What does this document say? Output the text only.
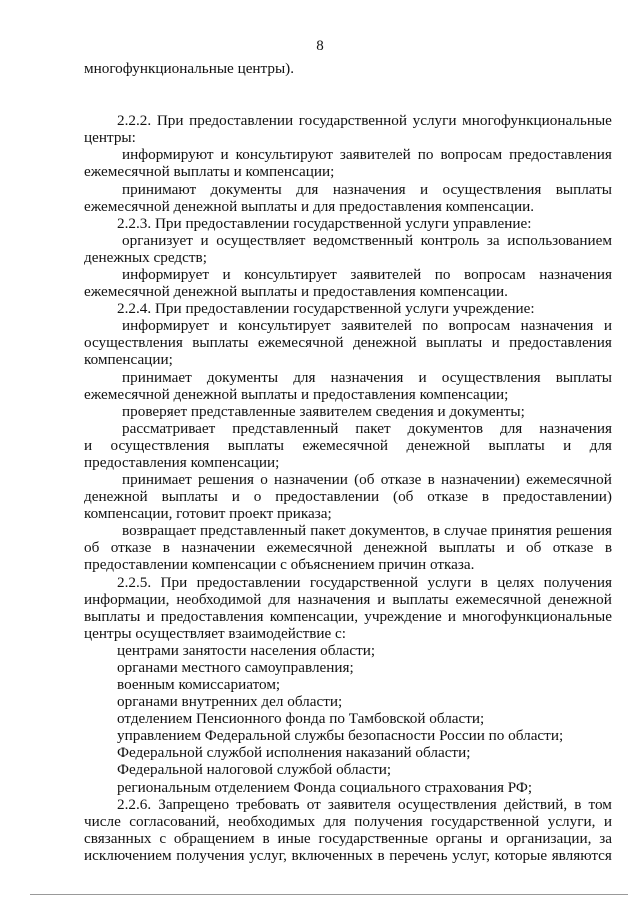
8
многофункциональные центры).
2.2.2. При предоставлении государственной услуги многофункциональные
центры:
информируют и консультируют заявителей по вопросам предоставления
ежемесячной выплаты и компенсации;
принимают документы для назначения и осуществления выплаты
ежемесячной денежной выплаты и для предоставления компенсации.
2.2.3. При предоставлении государственной услуги управление:
организует и осуществляет ведомственный контроль за использованием
денежных средств;
информирует и консультирует заявителей по вопросам назначения
ежемесячной денежной выплаты и предоставления компенсации.
2.2.4. При предоставлении государственной услуги учреждение:
информирует и консультирует заявителей по вопросам назначения и
осуществления выплаты ежемесячной денежной выплаты и предоставления
компенсации;
принимает документы для назначения и осуществления выплаты
ежемесячной денежной выплаты и предоставления компенсации;
проверяет представленные заявителем сведения и документы;
рассматривает представленный пакет документов для назначения
и осуществления выплаты ежемесячной денежной выплаты и для
предоставления компенсации;
принимает решения о назначении (об отказе в назначении) ежемесячной
денежной выплаты и о предоставлении (об отказе в предоставлении)
компенсации, готовит проект приказа;
возвращает представленный пакет документов, в случае принятия решения
об отказе в назначении ежемесячной денежной выплаты и об отказе в
предоставлении компенсации с объяснением причин отказа.
2.2.5. При предоставлении государственной услуги в целях получения
информации, необходимой для назначения и выплаты ежемесячной денежной
выплаты и предоставления компенсации, учреждение и многофункциональные
центры осуществляет взаимодействие с:
центрами занятости населения области;
органами местного самоуправления;
военным комиссариатом;
органами внутренних дел области;
отделением Пенсионного фонда по Тамбовской области;
управлением Федеральной службы безопасности России по области;
Федеральной службой исполнения наказаний области;
Федеральной налоговой службой области;
региональным отделением Фонда социального страхования РФ;
2.2.6. Запрещено требовать от заявителя осуществления действий, в том
числе согласований, необходимых для получения государственной услуги, и
связанных с обращением в иные государственные органы и организации, за
исключением получения услуг, включенных в перечень услуг, которые являются
